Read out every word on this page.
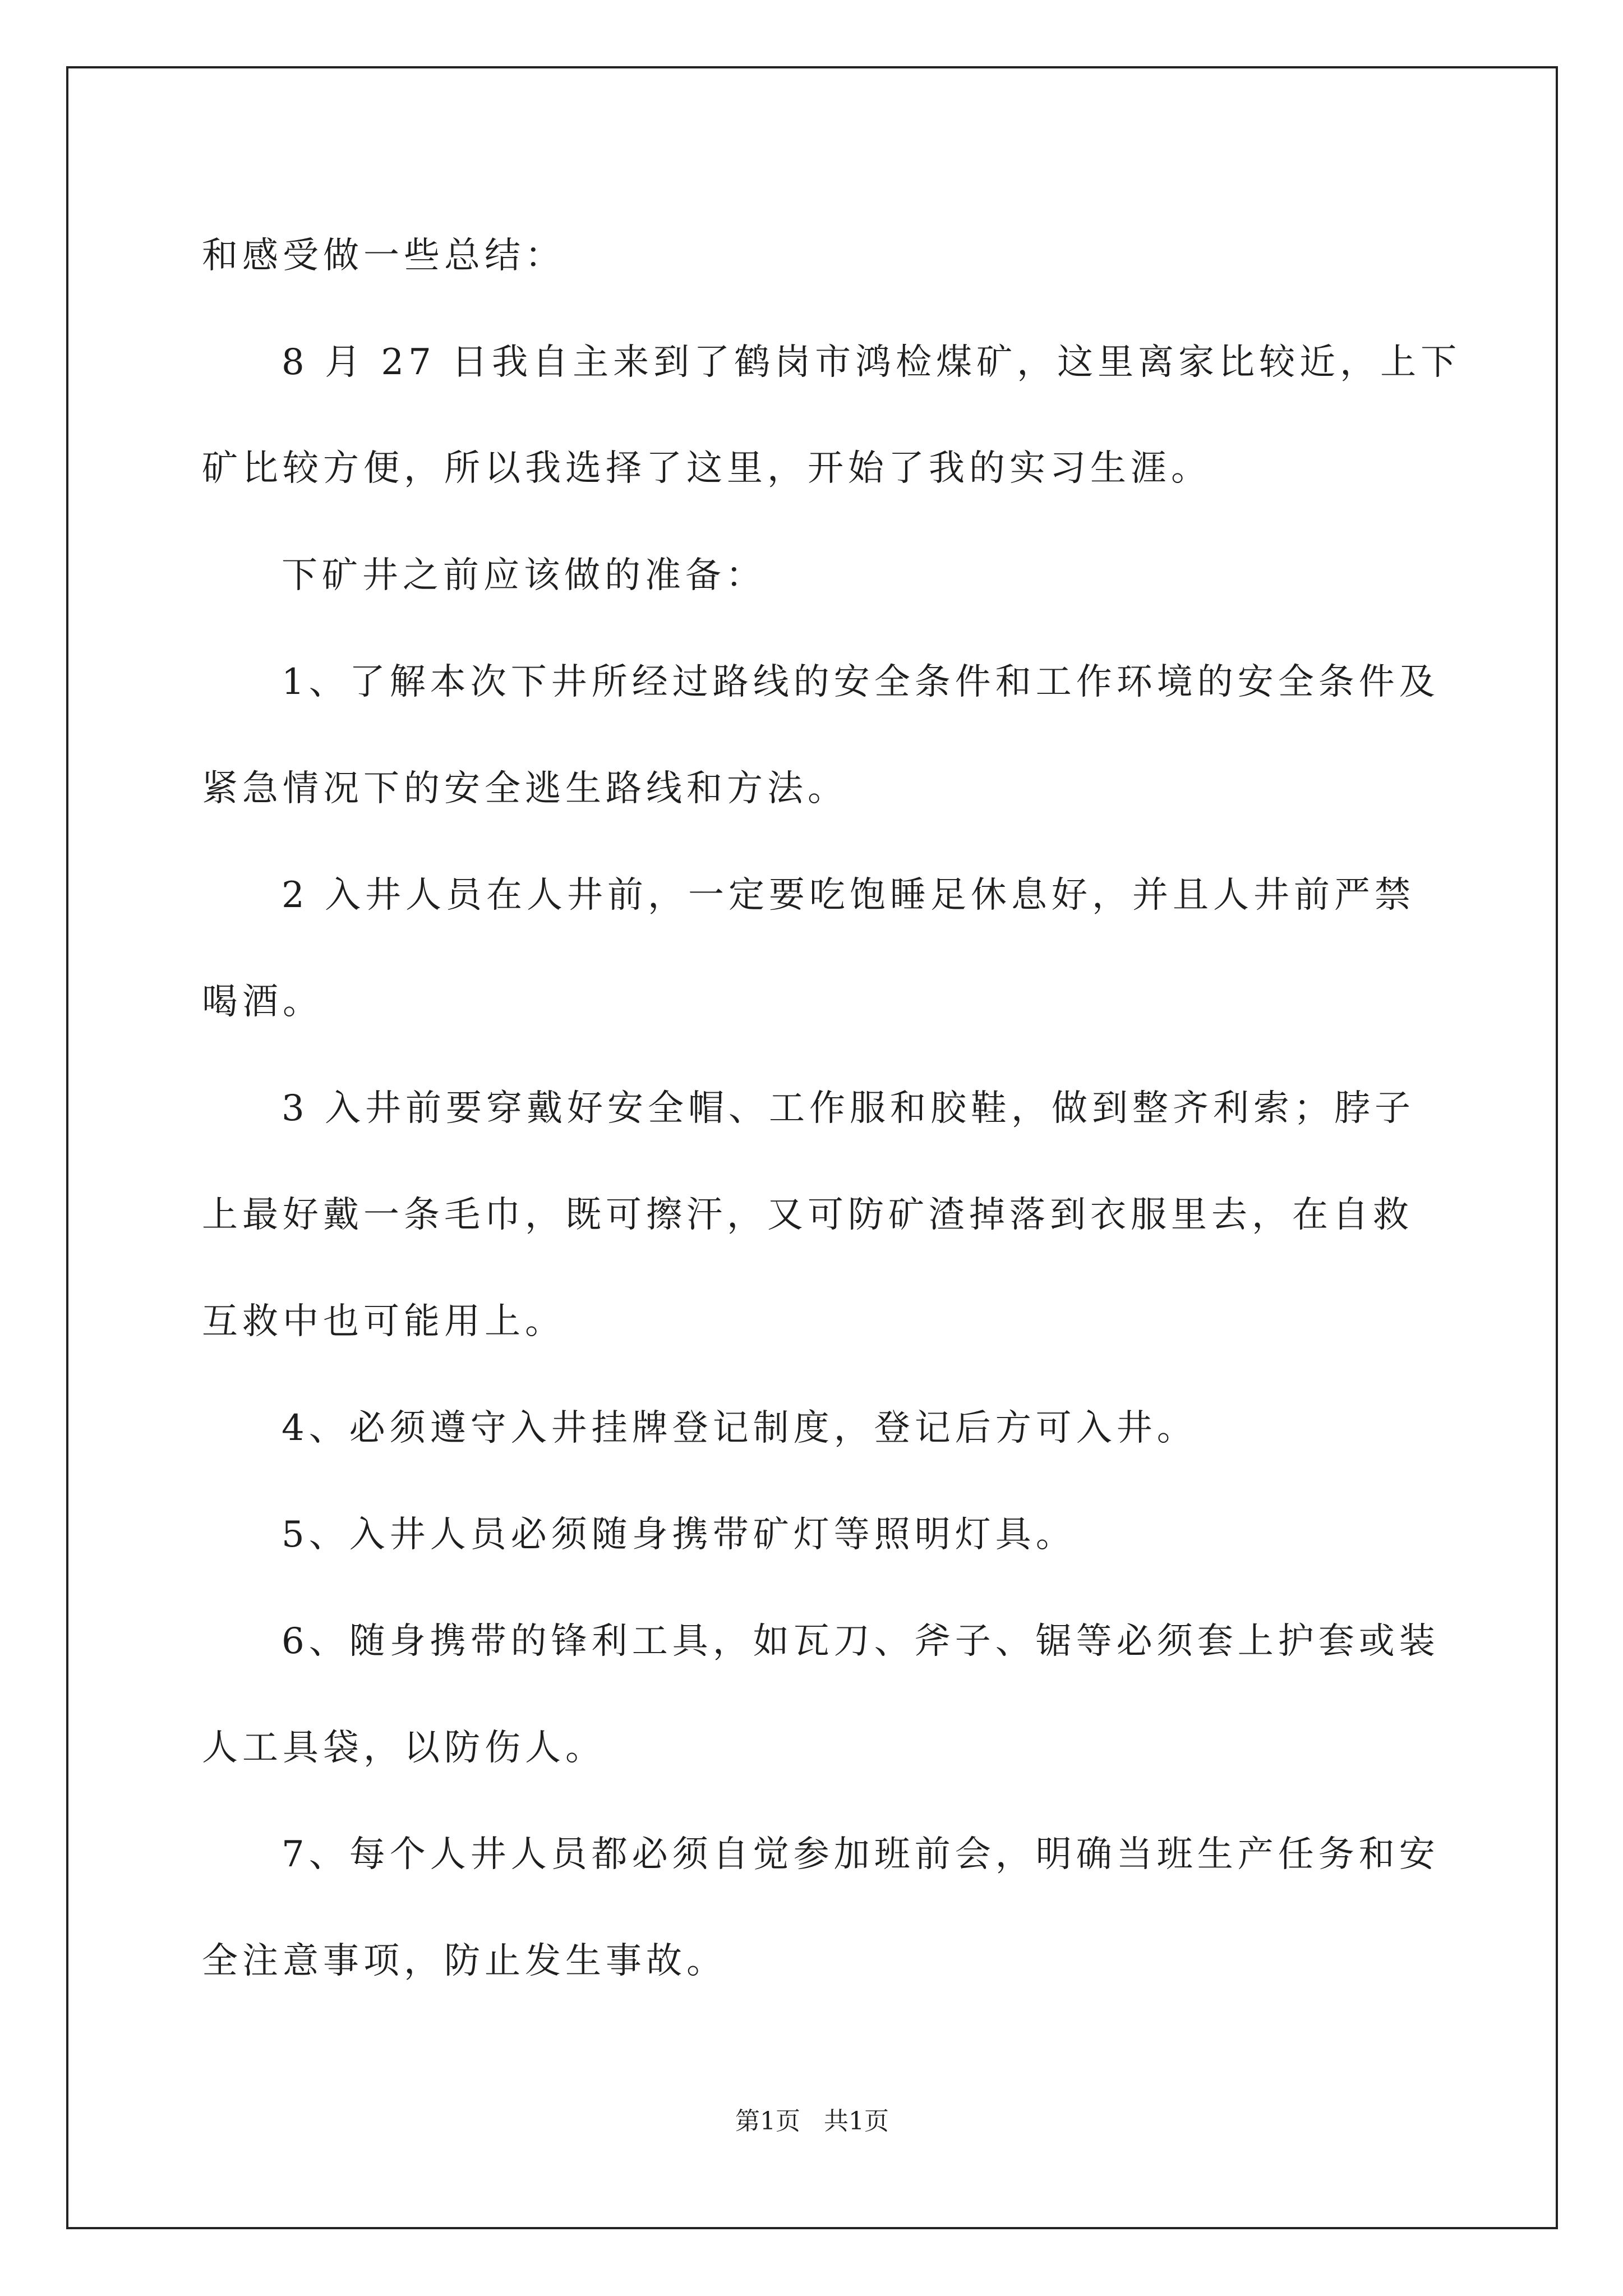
和感受做一些总结：

8 月 27 日我自主来到了鹤岗市鸿检煤矿，这里离家比较近，上下

矿比较方便，所以我选择了这里，开始了我的实习生涯。

下矿井之前应该做的准备：

1、了解本次下井所经过路线的安全条件和工作环境的安全条件及

紧急情况下的安全逃生路线和方法。

2 入井人员在人井前，一定要吃饱睡足休息好，并且人井前严禁

喝酒。

3 入井前要穿戴好安全帽、工作服和胶鞋，做到整齐利索；脖子

上最好戴一条毛巾，既可擦汗，又可防矿渣掉落到衣服里去，在自救

互救中也可能用上。

4、必须遵守入井挂牌登记制度，登记后方可入井。

5、入井人员必须随身携带矿灯等照明灯具。

6、随身携带的锋利工具，如瓦刀、斧子、锯等必须套上护套或装

人工具袋，以防伤人。

7、每个人井人员都必须自觉参加班前会，明确当班生产任务和安

全注意事项，防止发生事故。

第1页   共1页
